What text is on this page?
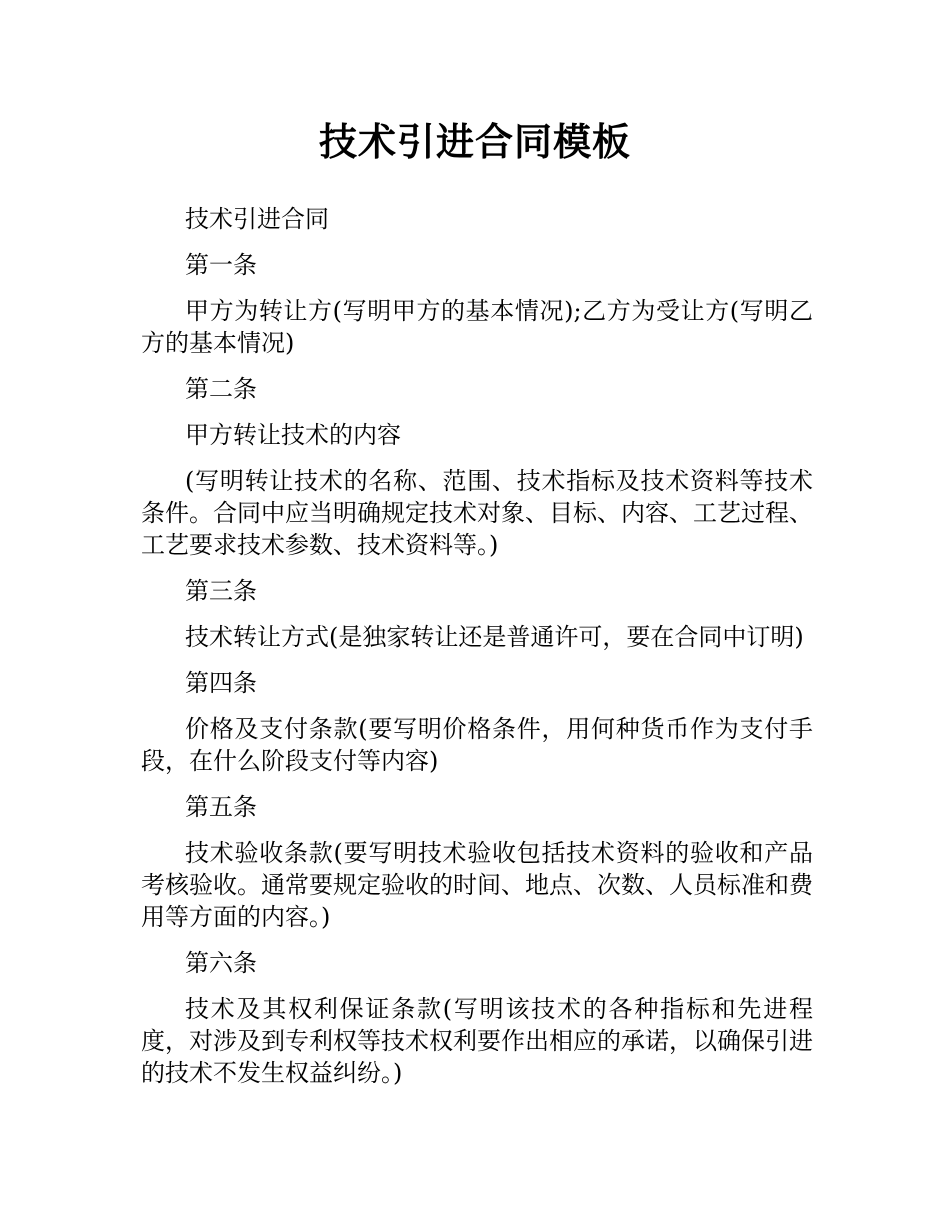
技术引进合同模板

技术引进合同

第一条

甲方为转让方(写明甲方的基本情况);乙方为受让方(写明乙方的基本情况)

第二条

甲方转让技术的内容

(写明转让技术的名称、范围、技术指标及技术资料等技术条件。合同中应当明确规定技术对象、目标、内容、工艺过程、工艺要求技术参数、技术资料等。)

第三条

技术转让方式(是独家转让还是普通许可，要在合同中订明)

第四条

价格及支付条款(要写明价格条件，用何种货币作为支付手段，在什么阶段支付等内容)

第五条

技术验收条款(要写明技术验收包括技术资料的验收和产品考核验收。通常要规定验收的时间、地点、次数、人员标准和费用等方面的内容。)

第六条

技术及其权利保证条款(写明该技术的各种指标和先进程度，对涉及到专利权等技术权利要作出相应的承诺，以确保引进的技术不发生权益纠纷。)
